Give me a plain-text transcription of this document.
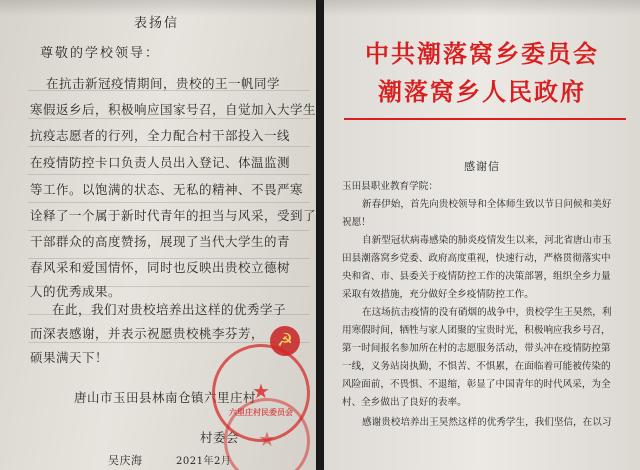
表扬信

尊敬的学校领导：

在抗击新冠疫情期间，贵校的王一帆同学

寒假返乡后，积极响应国家号召，自觉加入大学生

抗疫志愿者的行列，全力配合村干部投入一线

在疫情防控卡口负责人员出入登记、体温监测

等工作。以饱满的状态、无私的精神、不畏严寒

诠释了一个属于新时代青年的担当与风采，受到了

干部群众的高度赞扬，展现了当代大学生的青

春风采和爱国情怀，同时也反映出贵校立德树

人的优秀成果。

在此，我们对贵校培养出这样的优秀学子

而深表感谢，并表示祝愿贵校桃李芬芳，

硕果满天下！

☭

唐山市玉田县林南仓镇六里庄村

村委会

吴庆海	2021年2月

★
六里庄村民委员会
★
中共潮落窝乡委员会
潮落窝乡人民政府
感谢信

玉田县职业教育学院：

新春伊始，首先向贵校领导和全体师生致以节日问候和美好

祝愿！

自新型冠状病毒感染的肺炎疫情发生以来，河北省唐山市玉

田县潮落窝乡党委、政府高度重视，快速行动，严格贯彻落实中

央和省、市、县委关于疫情防控工作的决策部署，组织全乡力量

采取有效措施，充分做好全乡疫情防控工作。

在这场抗击疫情的没有硝烟的战争中，贵校学生王昊然，利

用寒假时间，牺牲与家人团聚的宝贵时光，积极响应我乡号召，

第一时间报名参加所在村的志愿服务活动，带头冲在疫情防控第

一线，义务站岗执勤，不惧苦、不惧累，在面临着可能被传染的

风险面前，不畏惧、不退缩，彰显了中国青年的时代风采，为全

村、全乡做出了良好的表率。

感谢贵校培养出王昊然这样的优秀学生，我们坚信，在以习
